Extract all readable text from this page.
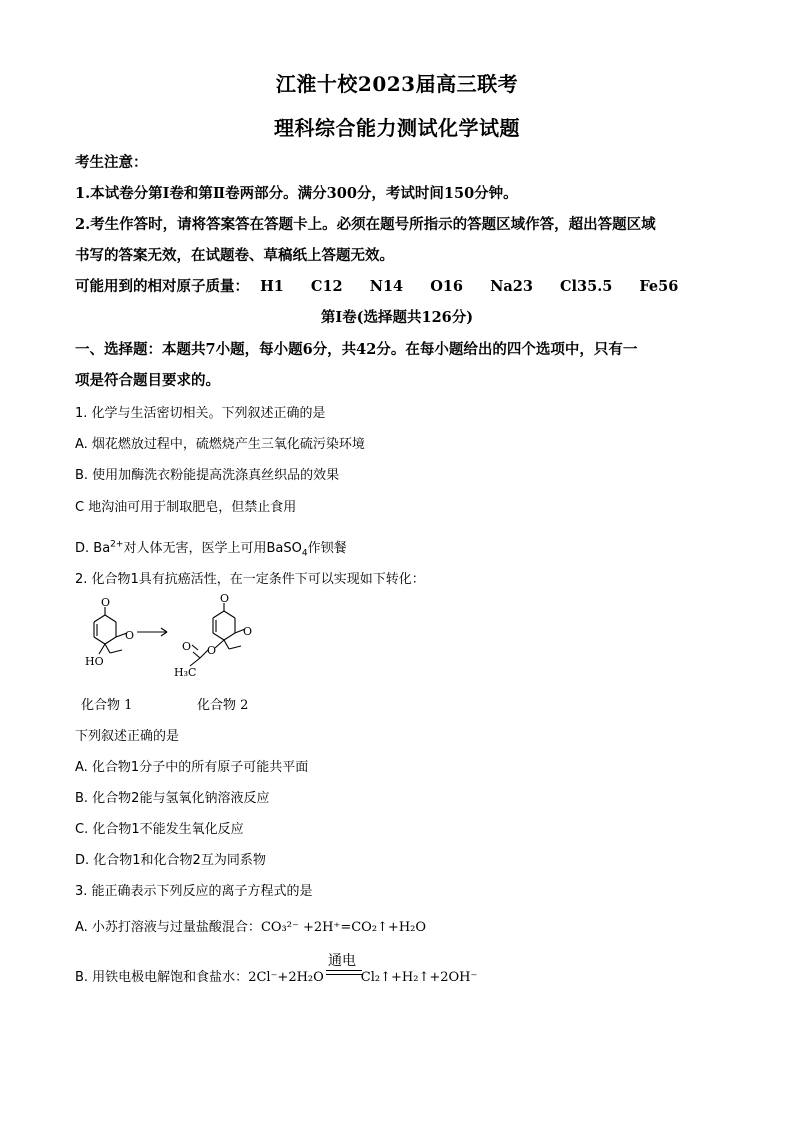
江淮十校2023届高三联考
理科综合能力测试化学试题
考生注意：
1.本试卷分第Ⅰ卷和第Ⅱ卷两部分。满分300分，考试时间150分钟。
2.考生作答时，请将答案答在答题卡上。必须在题号所指示的答题区域作答，超出答题区域
书写的答案无效，在试题卷、草稿纸上答题无效。
可能用到的相对原子质量： H1 C12 N14 O16 Na23 Cl35.5 Fe56
第Ⅰ卷(选择题共126分)
一、选择题：本题共7小题，每小题6分，共42分。在每小题给出的四个选项中，只有一
项是符合题目要求的。
1. 化学与生活密切相关。下列叙述正确的是
A. 烟花燃放过程中，硫燃烧产生三氧化硫污染环境
B. 使用加酶洗衣粉能提高洗涤真丝织品的效果
C 地沟油可用于制取肥皂，但禁止食用
D. $Ba^{2+}$对人体无害，医学上可用BaSO$_4$作钡餐
2. 化合物1具有抗癌活性，在一定条件下可以实现如下转化：
O
O
HO
O
O
O
O
H₃C
化合物 1	化合物 2
下列叙述正确的是
A. 化合物1分子中的所有原子可能共平面
B. 化合物2能与氢氧化钠溶液反应
C. 化合物1不能发生氧化反应
D. 化合物1和化合物2互为同系物
3. 能正确表示下列反应的离子方程式的是
A. 小苏打溶液与过量盐酸混合：CO₃²⁻ +2H⁺=CO₂↑+H₂O
通电
B. 用铁电极电解饱和食盐水：2Cl⁻+2H₂O	Cl₂↑+H₂↑+2OH⁻
